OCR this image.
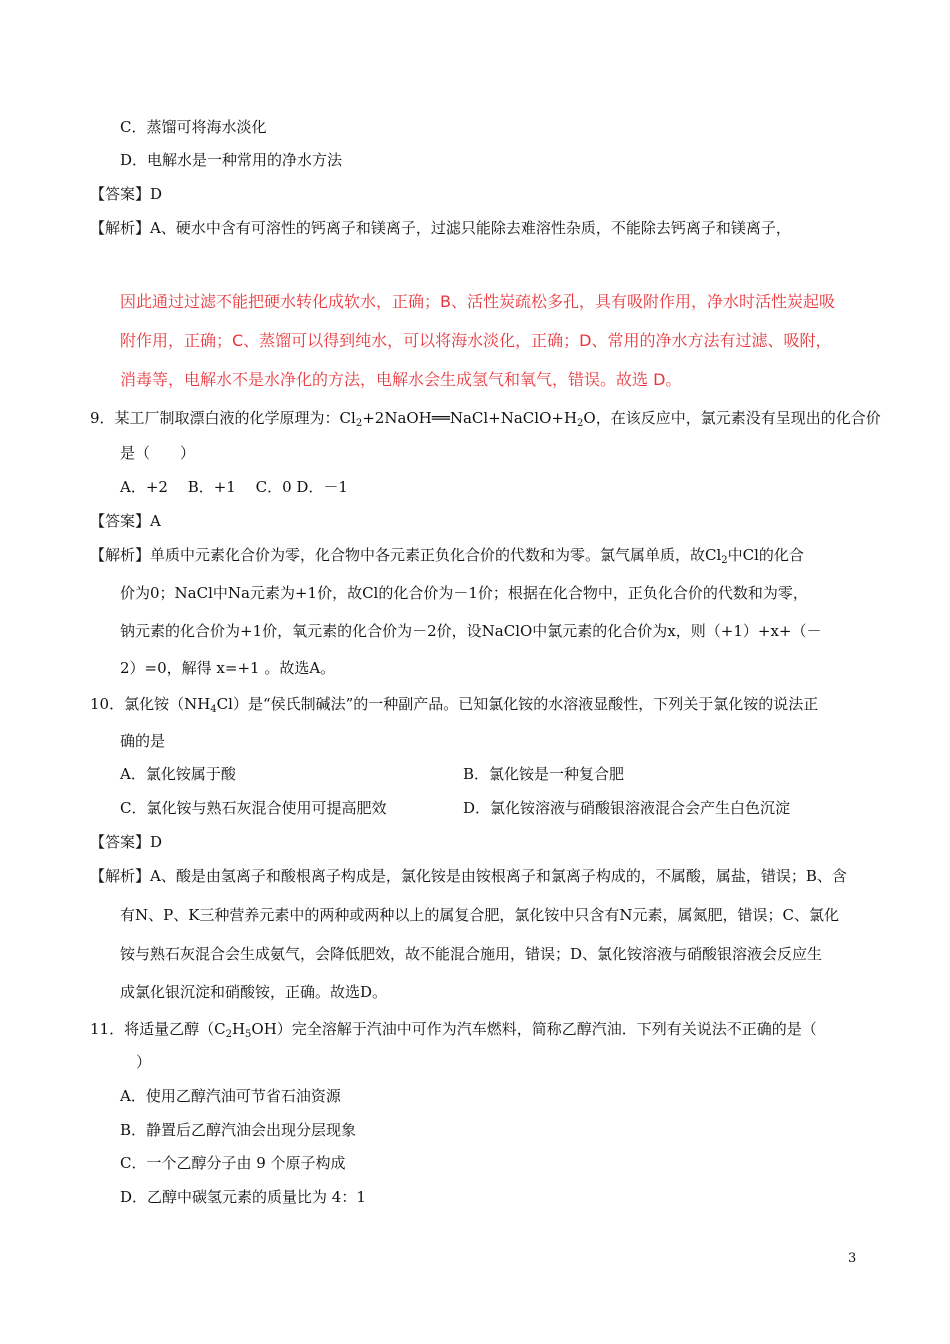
C．蒸馏可将海水淡化
D．电解水是一种常用的净水方法
【答案】D
【解析】A、硬水中含有可溶性的钙离子和镁离子，过滤只能除去难溶性杂质，不能除去钙离子和镁离子，
因此通过过滤不能把硬水转化成软水，正确；B、活性炭疏松多孔，具有吸附作用，净水时活性炭起吸
附作用，正确；C、蒸馏可以得到纯水，可以将海水淡化，正确；D、常用的净水方法有过滤、吸附，
消毒等，电解水不是水净化的方法，电解水会生成氢气和氧气，错误。故选 D。
9．某工厂制取漂白液的化学原理为：$Cl_2+2NaOH══NaCl+NaClO+H_2O$，在该反应中，氯元素没有呈现出的化合价
是（　　）
A．+2　 B．+1　 C．0 D．－1
【答案】A
【解析】单质中元素化合价为零，化合物中各元素正负化合价的代数和为零。氯气属单质，故$Cl_2$中Cl的化合
价为0；NaCl中Na元素为+1价，故Cl的化合价为－1价；根据在化合物中，正负化合价的代数和为零，
钠元素的化合价为+1价，氧元素的化合价为－2价，设NaClO中氯元素的化合价为x，则（+1）+x+（－
2）=0，解得 x=+1 。故选A。
10．氯化铵$(NH_4Cl)$是“侯氏制碱法”的一种副产品。已知氯化铵的水溶液显酸性，下列关于氯化铵的说法正
确的是
A．氯化铵属于酸	B．氯化铵是一种复合肥
C．氯化铵与熟石灰混合使用可提高肥效	D．氯化铵溶液与硝酸银溶液混合会产生白色沉淀
【答案】D
【解析】A、酸是由氢离子和酸根离子构成是，氯化铵是由铵根离子和氯离子构成的，不属酸，属盐，错误；B、含
有N、P、K三种营养元素中的两种或两种以上的属复合肥，氯化铵中只含有N元素，属氮肥，错误；C、氯化
铵与熟石灰混合会生成氨气，会降低肥效，故不能混合施用，错误；D、氯化铵溶液与硝酸银溶液会反应生
成氯化银沉淀和硝酸铵，正确。故选D。
11．将适量乙醇$(C_2H_5OH)$完全溶解于汽油中可作为汽车燃料，简称乙醇汽油．下列有关说法不正确的是（
）
A．使用乙醇汽油可节省石油资源
B．静置后乙醇汽油会出现分层现象
C．一个乙醇分子由 9 个原子构成
D．乙醇中碳氢元素的质量比为 4：1
3
